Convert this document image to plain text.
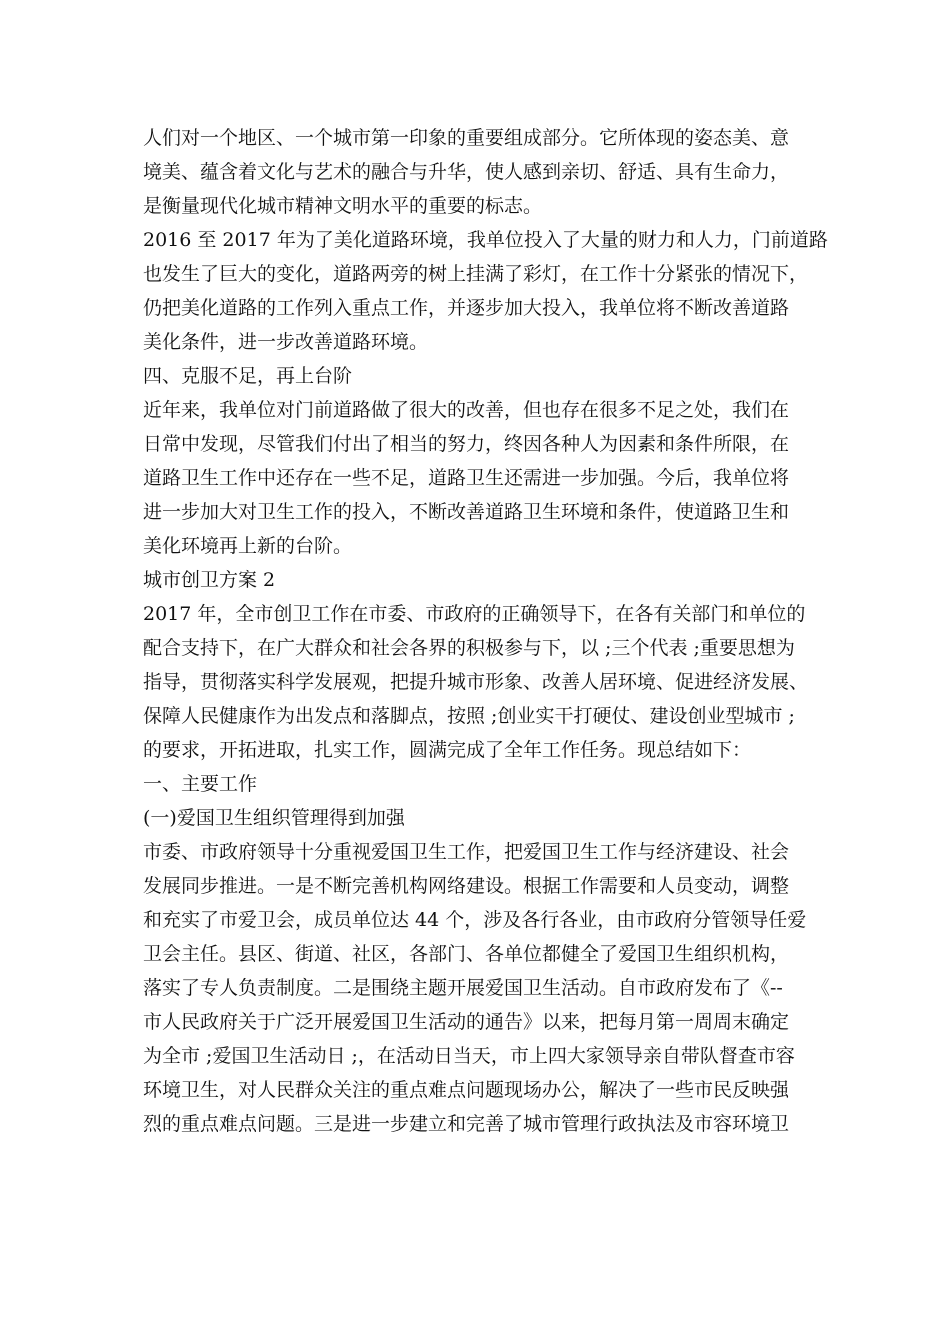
人们对一个地区、一个城市第一印象的重要组成部分。它所体现的姿态美、意
境美、蕴含着文化与艺术的融合与升华，使人感到亲切、舒适、具有生命力，
是衡量现代化城市精神文明水平的重要的标志。
2016 至 2017 年为了美化道路环境，我单位投入了大量的财力和人力，门前道路
也发生了巨大的变化，道路两旁的树上挂满了彩灯，在工作十分紧张的情况下，
仍把美化道路的工作列入重点工作，并逐步加大投入，我单位将不断改善道路
美化条件，进一步改善道路环境。
四、克服不足，再上台阶
近年来，我单位对门前道路做了很大的改善，但也存在很多不足之处，我们在
日常中发现，尽管我们付出了相当的努力，终因各种人为因素和条件所限，在
道路卫生工作中还存在一些不足，道路卫生还需进一步加强。今后，我单位将
进一步加大对卫生工作的投入，不断改善道路卫生环境和条件，使道路卫生和
美化环境再上新的台阶。
城市创卫方案 2
2017 年，全市创卫工作在市委、市政府的正确领导下，在各有关部门和单位的
配合支持下，在广大群众和社会各界的积极参与下，以 ;三个代表 ;重要思想为
指导，贯彻落实科学发展观，把提升城市形象、改善人居环境、促进经济发展、
保障人民健康作为出发点和落脚点，按照 ;创业实干打硬仗、建设创业型城市 ;
的要求，开拓进取，扎实工作，圆满完成了全年工作任务。现总结如下：
一、主要工作
(一)爱国卫生组织管理得到加强
市委、市政府领导十分重视爱国卫生工作，把爱国卫生工作与经济建设、社会
发展同步推进。一是不断完善机构网络建设。根据工作需要和人员变动，调整
和充实了市爱卫会，成员单位达 44 个，涉及各行各业，由市政府分管领导任爱
卫会主任。县区、街道、社区，各部门、各单位都健全了爱国卫生组织机构，
落实了专人负责制度。二是围绕主题开展爱国卫生活动。自市政府发布了《--
市人民政府关于广泛开展爱国卫生活动的通告》以来，把每月第一周周末确定
为全市 ;爱国卫生活动日 ;，在活动日当天，市上四大家领导亲自带队督查市容
环境卫生，对人民群众关注的重点难点问题现场办公，解决了一些市民反映强
烈的重点难点问题。三是进一步建立和完善了城市管理行政执法及市容环境卫
